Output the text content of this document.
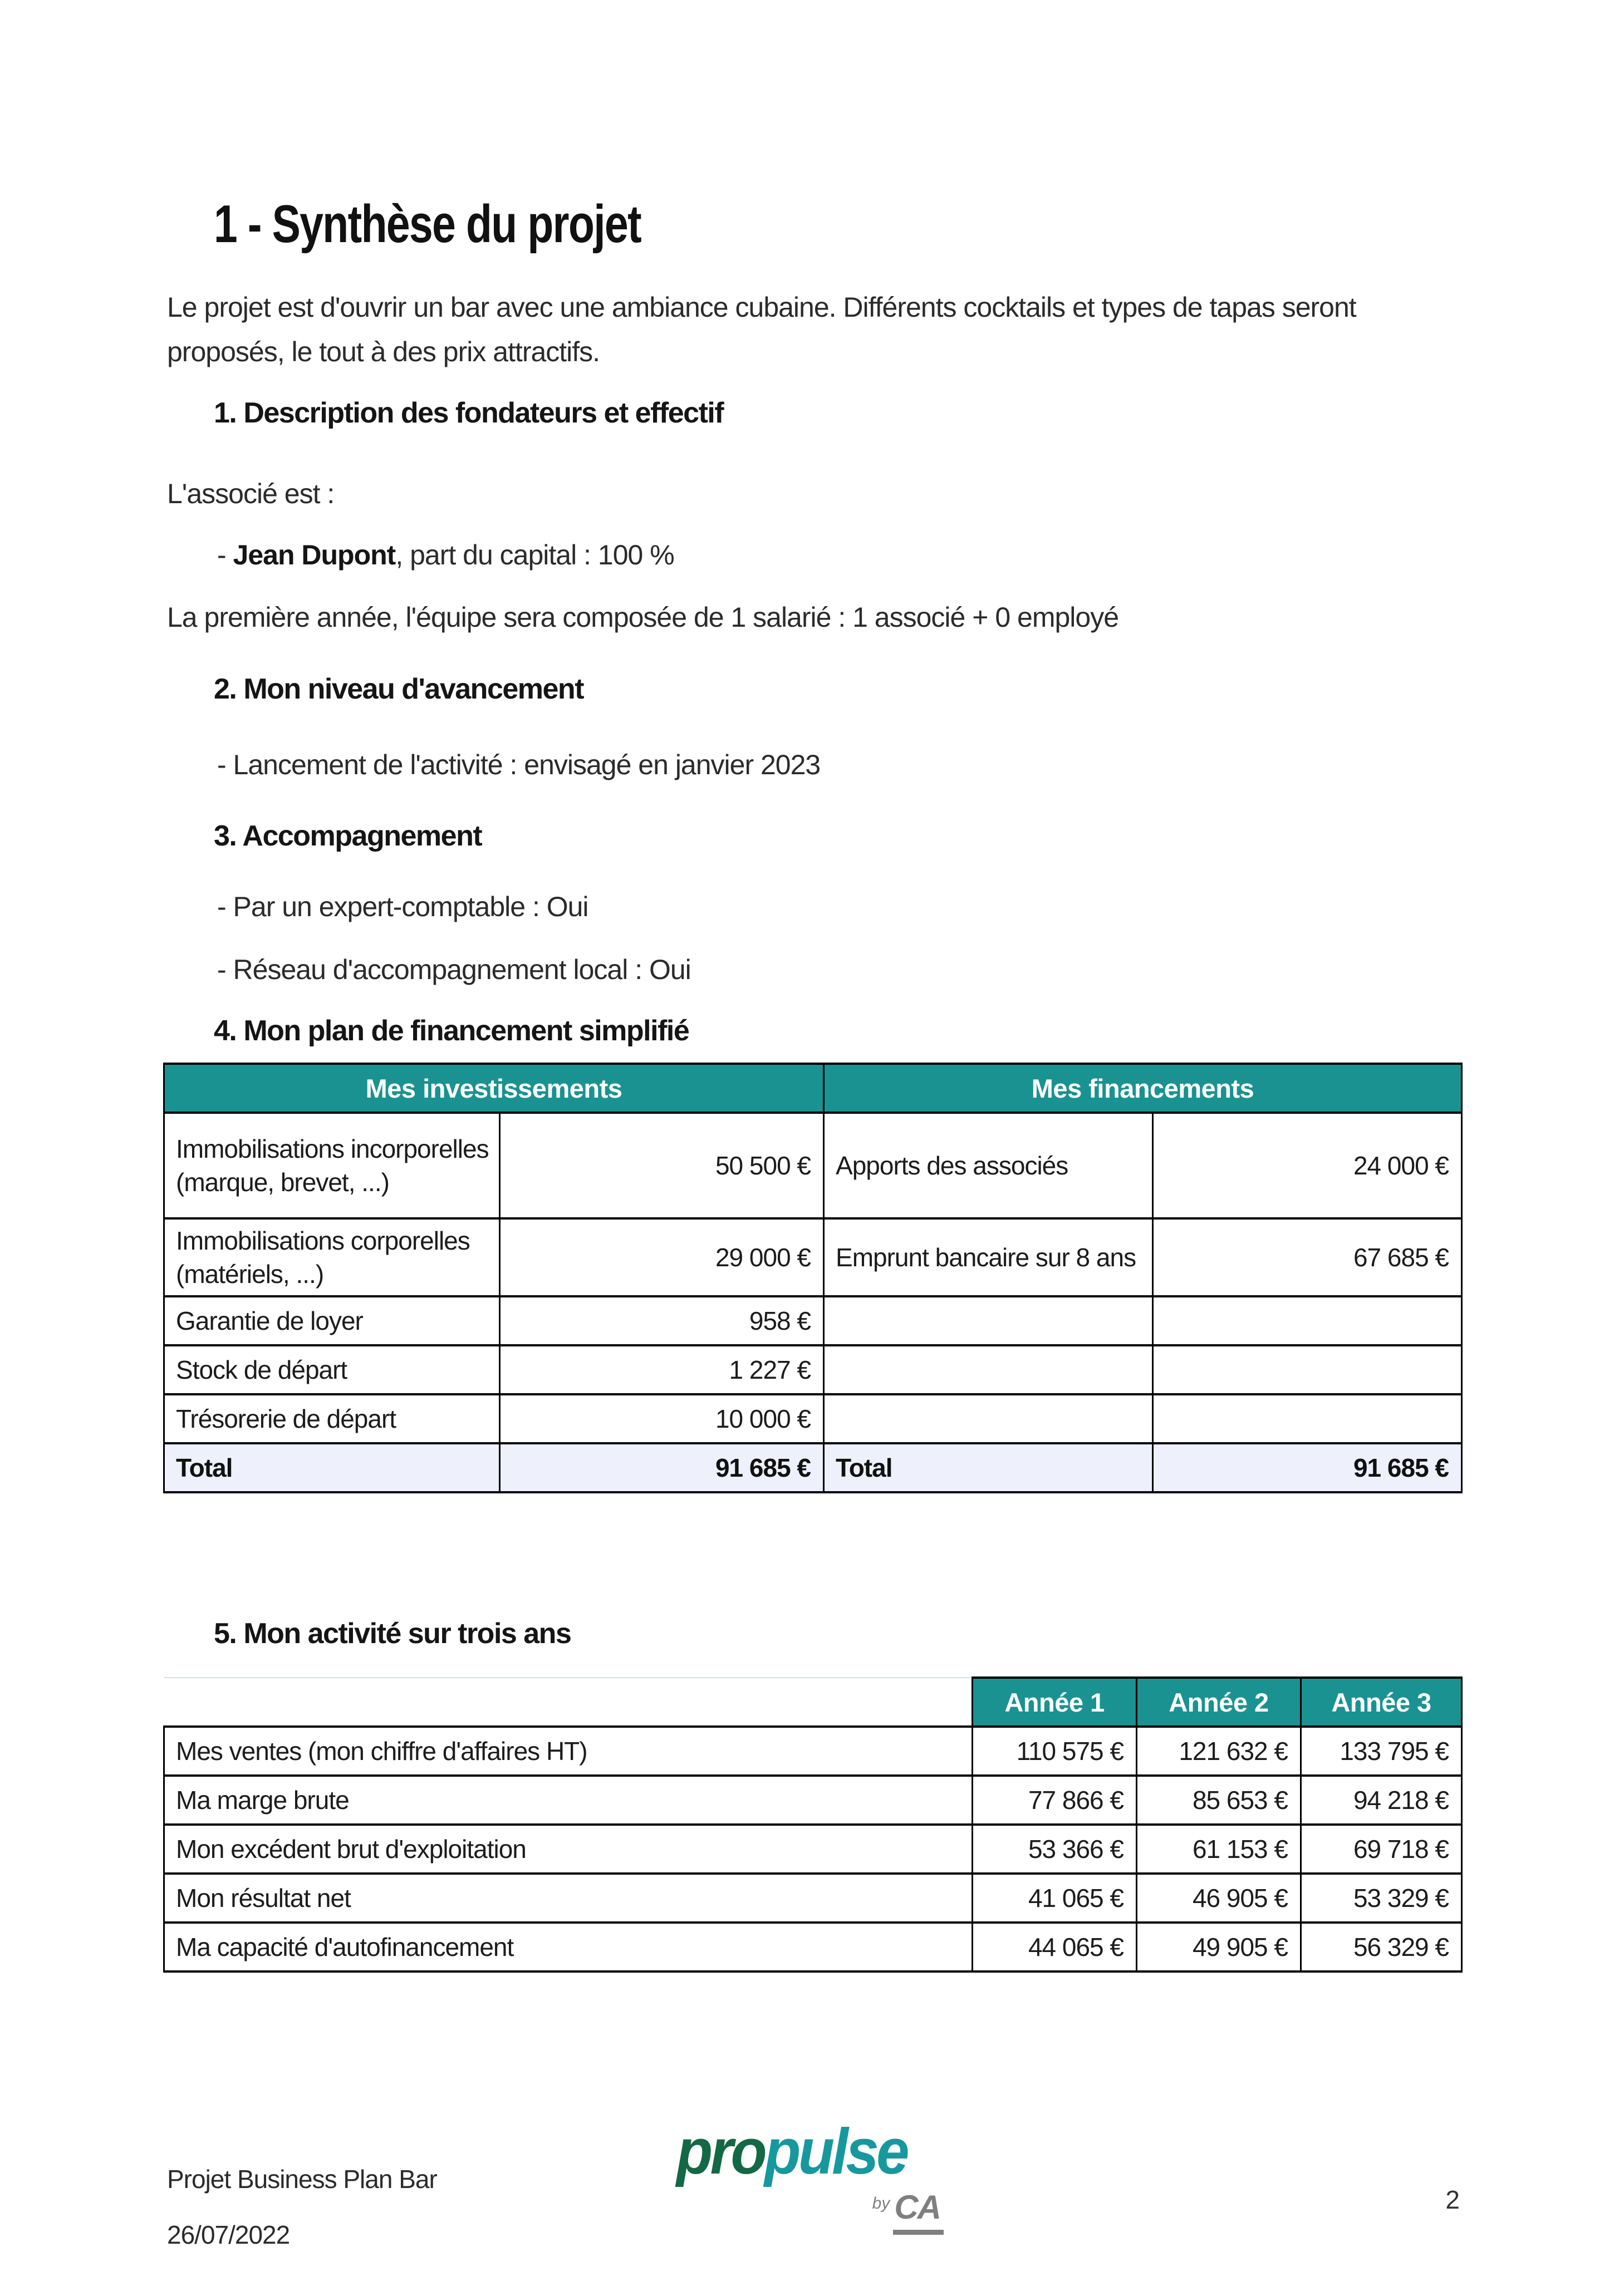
1 - Synthèse du projet
Le projet est d'ouvrir un bar avec une ambiance cubaine. Différents cocktails et types de tapas seront
proposés, le tout à des prix attractifs.
1. Description des fondateurs et effectif
L'associé est :
- Jean Dupont, part du capital : 100 %
La première année, l'équipe sera composée de 1 salarié : 1 associé + 0 employé
2. Mon niveau d'avancement
- Lancement de l'activité : envisagé en janvier 2023
3. Accompagnement
- Par un expert-comptable : Oui
- Réseau d'accompagnement local : Oui
4. Mon plan de financement simplifié
Mes investissements		Mes financements	
Immobilisations incorporelles (marque, brevet, ...)	50 500 €	Apports des associés	24 000 €
Immobilisations corporelles (matériels, ...)	29 000 €	Emprunt bancaire sur 8 ans	67 685 €
Garantie de loyer	958 €		
Stock de départ	1 227 €		
Trésorerie de départ	10 000 €		
Total	91 685 €	Total	91 685 €
5. Mon activité sur trois ans
	Année 1	Année 2	Année 3
Mes ventes (mon chiffre d'affaires HT)	110 575 €	121 632 €	133 795 €
Ma marge brute	77 866 €	85 653 €	94 218 €
Mon excédent brut d'exploitation	53 366 €	61 153 €	69 718 €
Mon résultat net	41 065 €	46 905 €	53 329 €
Ma capacité d'autofinancement	44 065 €	49 905 €	56 329 €
Projet Business Plan Bar
26/07/2022
propulse
by CA	2
